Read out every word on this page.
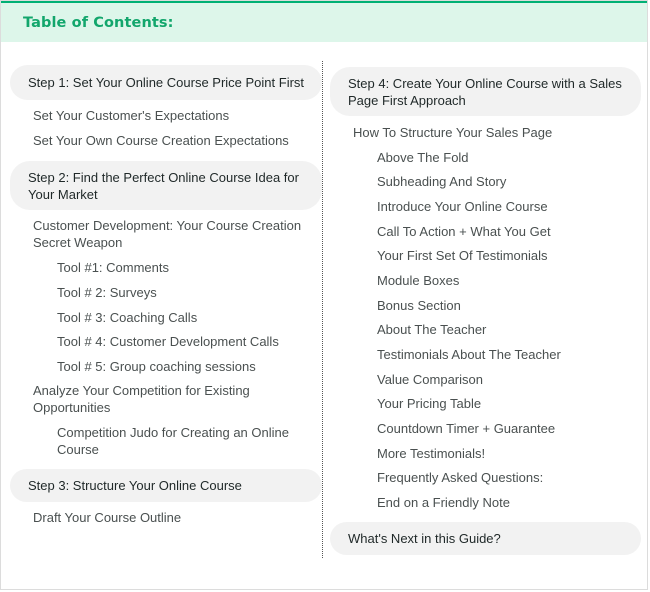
Table of Contents:
Step 1: Set Your Online Course Price Point First
Set Your Customer's Expectations
Set Your Own Course Creation Expectations
Step 2: Find the Perfect Online Course Idea for Your Market
Customer Development: Your Course Creation Secret Weapon
Tool #1: Comments
Tool # 2: Surveys
Tool # 3: Coaching Calls
Tool # 4: Customer Development Calls
Tool # 5: Group coaching sessions
Analyze Your Competition for Existing Opportunities
Competition Judo for Creating an Online Course
Step 3: Structure Your Online Course
Draft Your Course Outline
Step 4: Create Your Online Course with a Sales Page First Approach
How To Structure Your Sales Page
Above The Fold
Subheading And Story
Introduce Your Online Course
Call To Action + What You Get
Your First Set Of Testimonials
Module Boxes
Bonus Section
About The Teacher
Testimonials About The Teacher
Value Comparison
Your Pricing Table
Countdown Timer + Guarantee
More Testimonials!
Frequently Asked Questions:
End on a Friendly Note
What's Next in this Guide?
